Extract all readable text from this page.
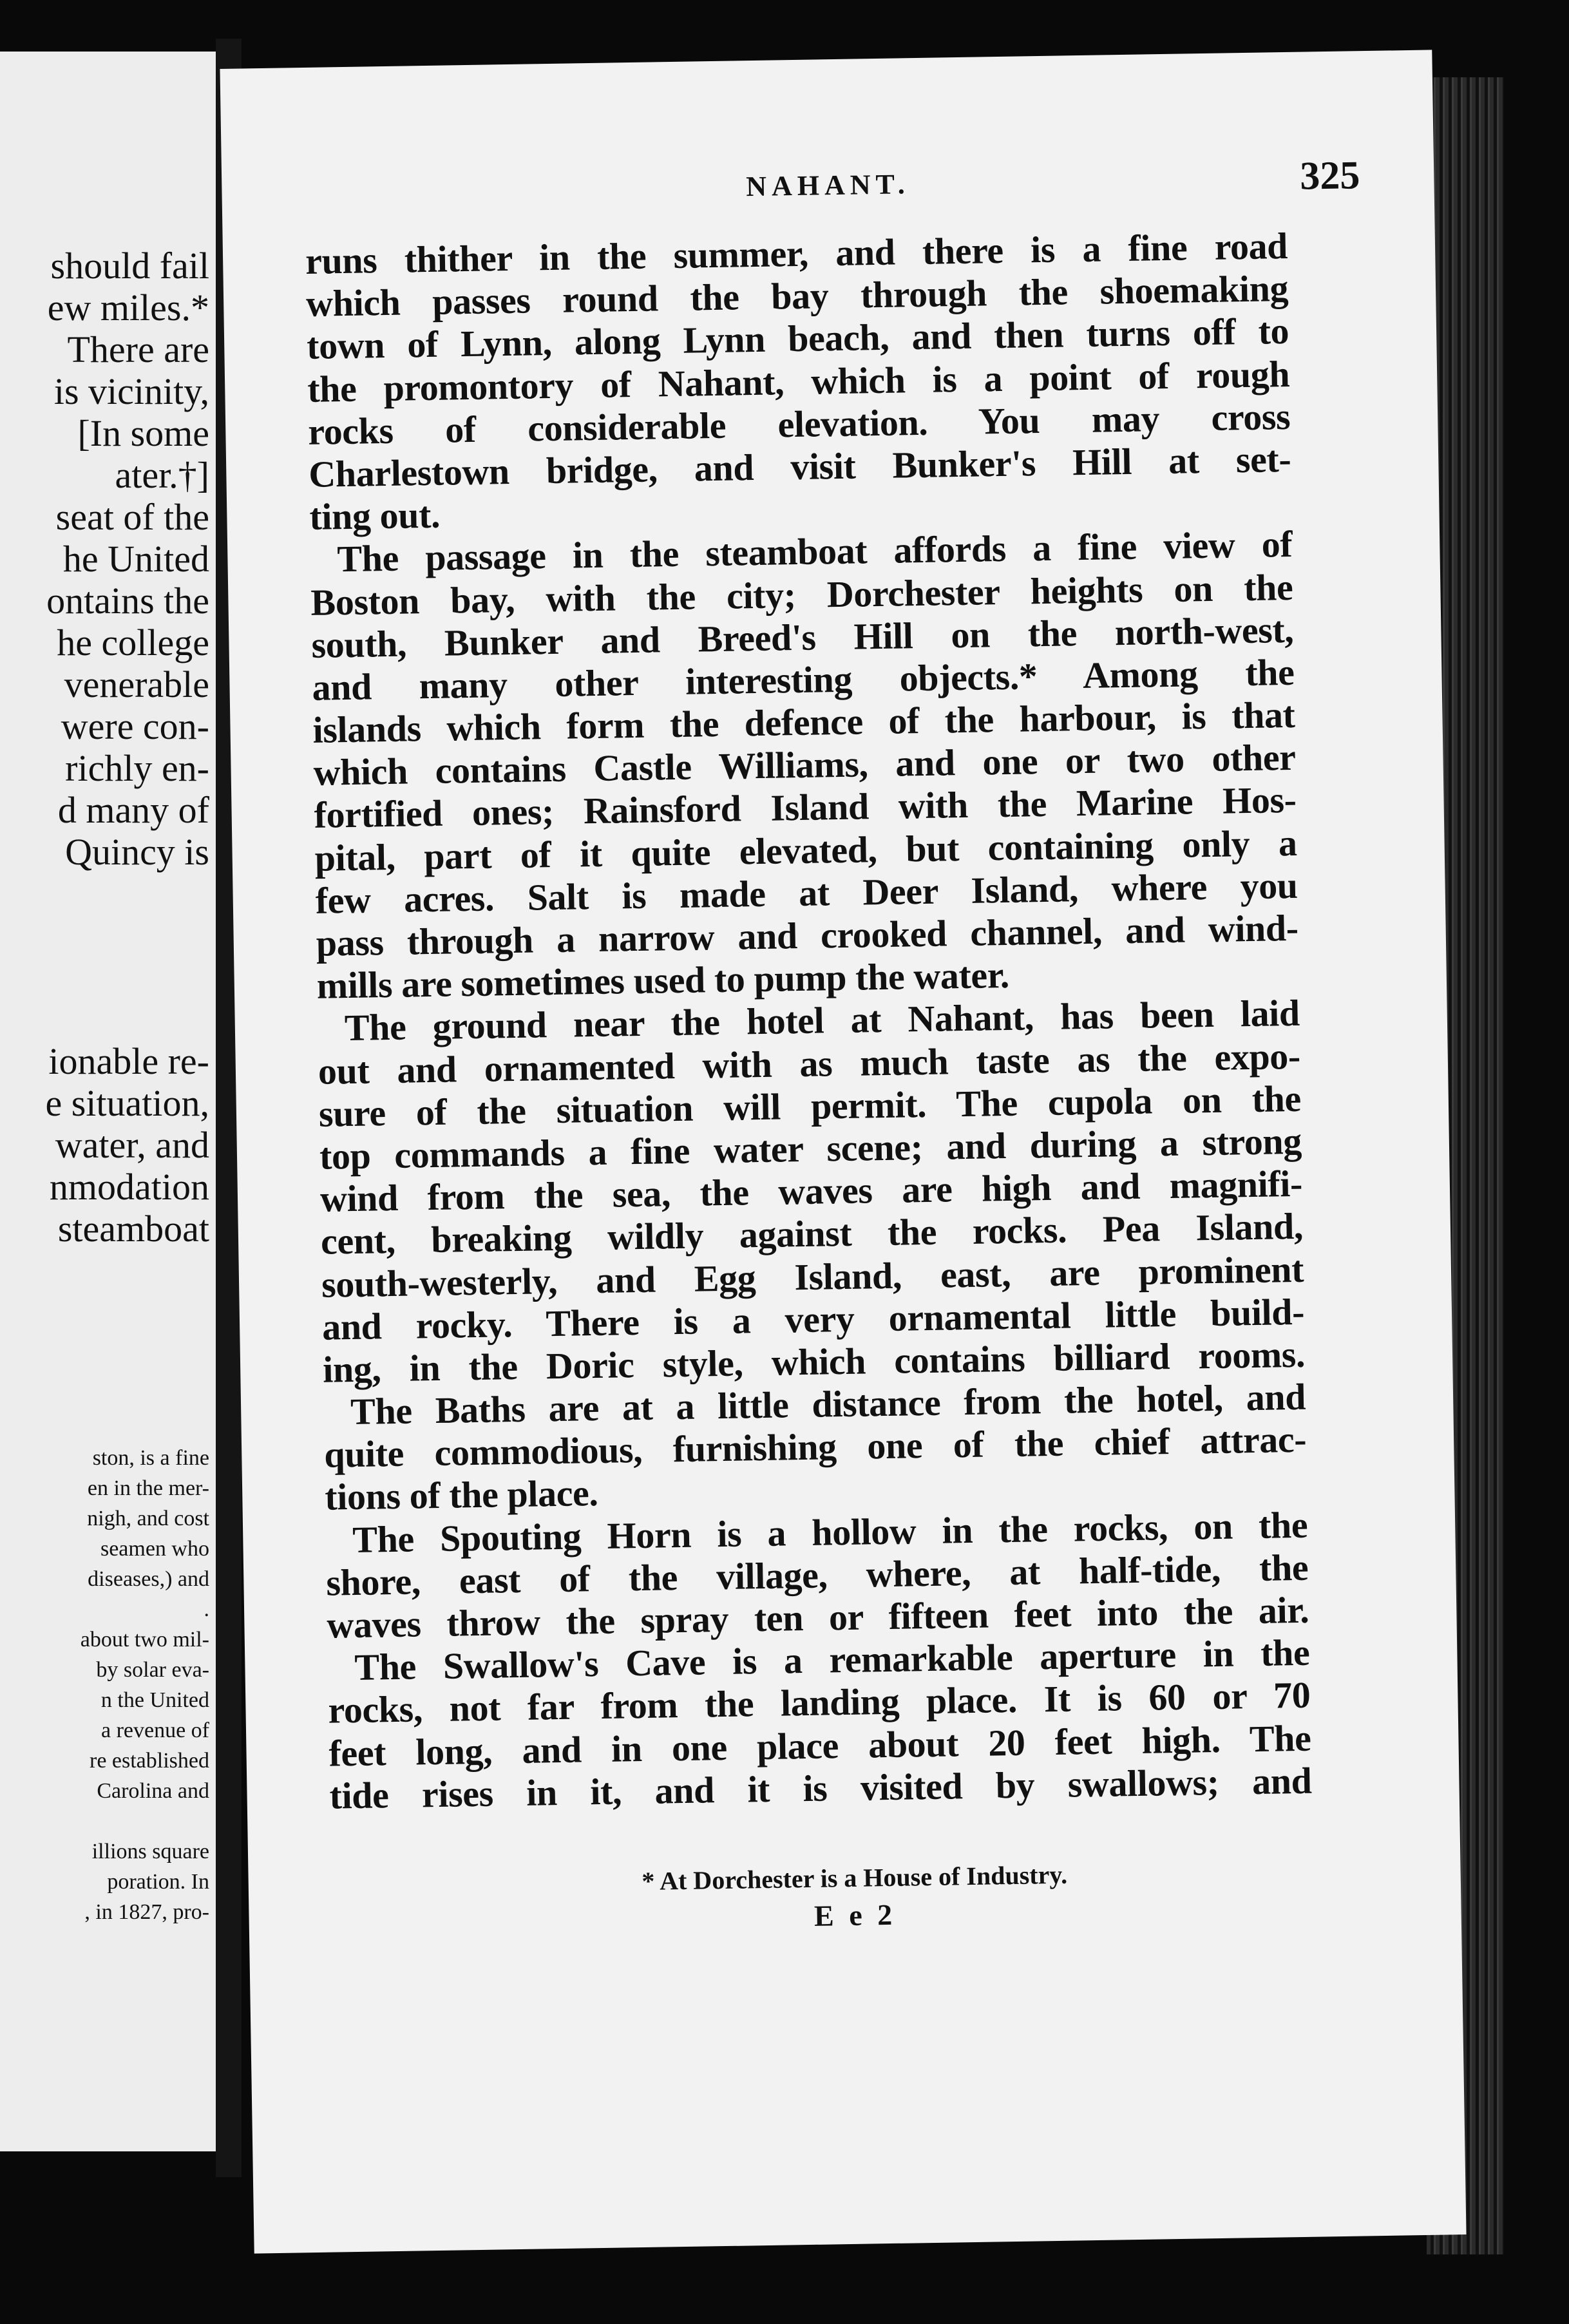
should fail
ew miles.*
There are
is vicinity,
[In some
ater.†]
seat of the
he United
ontains the
he college
venerable
were con-
richly en-
d many of
Quincy is
ionable re-
e situation,
water, and
nmodation
steamboat
ston, is a fine
en in the mer-
nigh, and cost
seamen who
diseases,) and
.
about two mil-
by solar eva-
n the United
a revenue of
re established
Carolina and
illions square
poration. In
, in 1827, pro-
NAHANT.	325
runs thither in the summer, and there is a fine road
which passes round the bay through the shoemaking
town of Lynn, along Lynn beach, and then turns off to
the promontory of Nahant, which is a point of rough
rocks of considerable elevation. You may cross
Charlestown bridge, and visit Bunker's Hill at set-
ting out.
The passage in the steamboat affords a fine view of
Boston bay, with the city; Dorchester heights on the
south, Bunker and Breed's Hill on the north-west,
and many other interesting objects.* Among the
islands which form the defence of the harbour, is that
which contains Castle Williams, and one or two other
fortified ones; Rainsford Island with the Marine Hos-
pital, part of it quite elevated, but containing only a
few acres. Salt is made at Deer Island, where you
pass through a narrow and crooked channel, and wind-
mills are sometimes used to pump the water.
The ground near the hotel at Nahant, has been laid
out and ornamented with as much taste as the expo-
sure of the situation will permit. The cupola on the
top commands a fine water scene; and during a strong
wind from the sea, the waves are high and magnifi-
cent, breaking wildly against the rocks. Pea Island,
south-westerly, and Egg Island, east, are prominent
and rocky. There is a very ornamental little build-
ing, in the Doric style, which contains billiard rooms.
The Baths are at a little distance from the hotel, and
quite commodious, furnishing one of the chief attrac-
tions of the place.
The Spouting Horn is a hollow in the rocks, on the
shore, east of the village, where, at half-tide, the
waves throw the spray ten or fifteen feet into the air.
The Swallow's Cave is a remarkable aperture in the
rocks, not far from the landing place. It is 60 or 70
feet long, and in one place about 20 feet high. The
tide rises in it, and it is visited by swallows; and
* At Dorchester is a House of Industry.
E e 2
